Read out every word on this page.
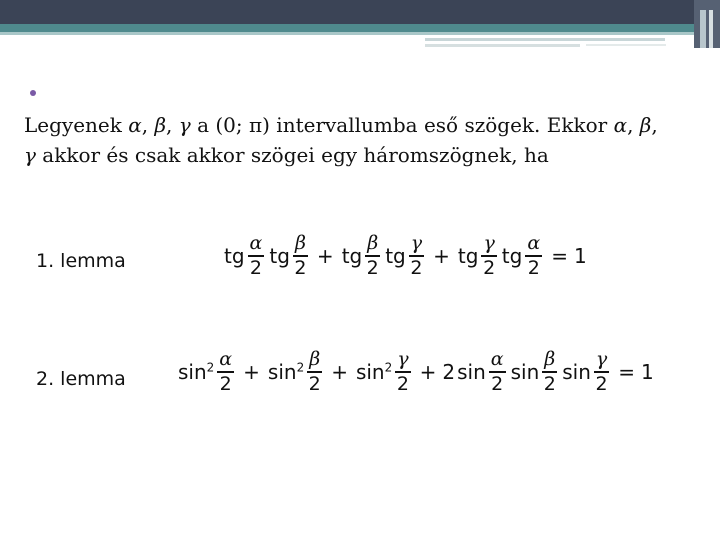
Legyenek α, β, γ a (0; π) intervallumba eső szögek. Ekkor α, β,
γ akkor és csak akkor szögei egy háromszögnek, ha
1. lemma	tg $\frac{\alpha}{2}$ tg $\frac{\beta}{2}$ + tg $\frac{\beta}{2}$ tg $\frac{\gamma}{2}$ + tg $\frac{\gamma}{2}$ tg $\frac{\alpha}{2} = 1$
2. lemma	$\sin^2 \frac{\alpha}{2} + \sin^2 \frac{\beta}{2} + \sin^2 \frac{\gamma}{2} + 2$ $\sin \frac{\alpha}{2}$ $\sin \frac{\beta}{2}$ $\sin \frac{\gamma}{2} = 1$
